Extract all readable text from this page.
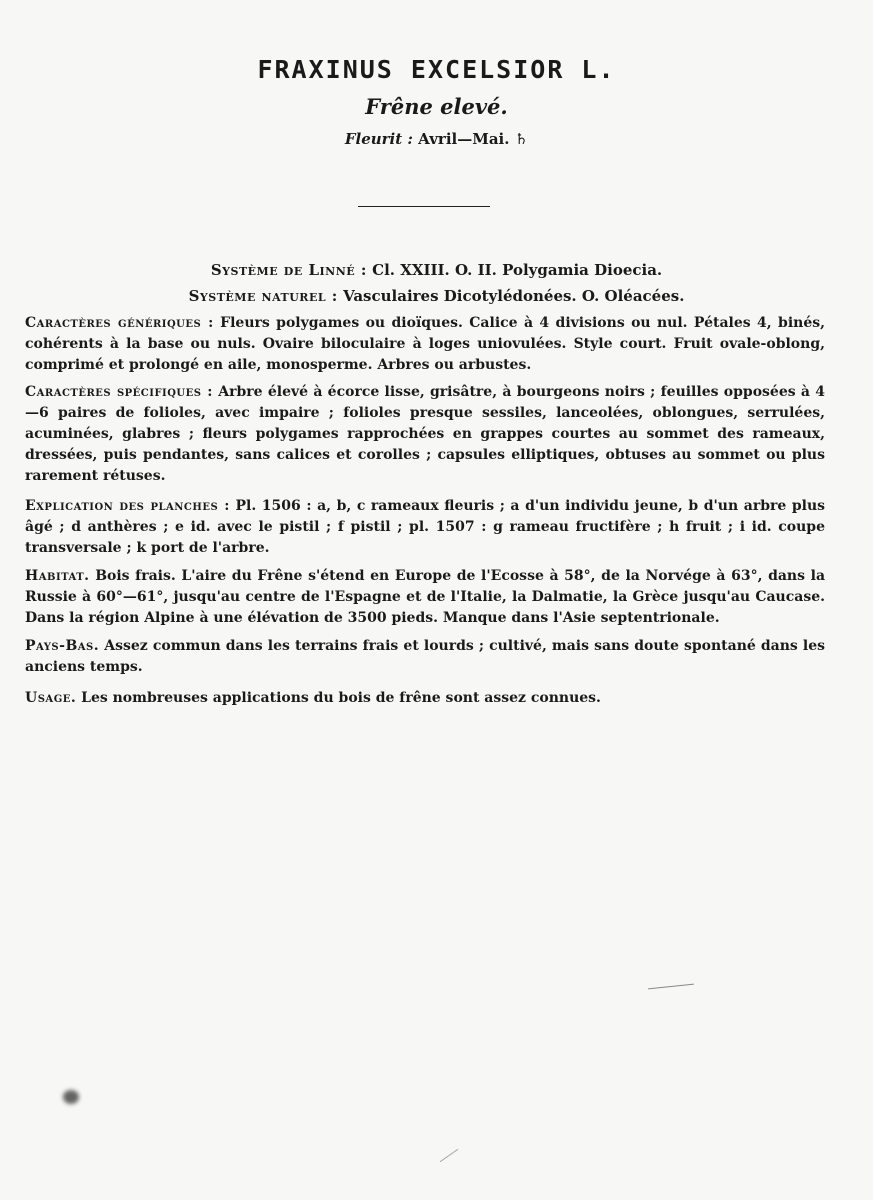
FRAXINUS EXCELSIOR L.
Frêne elevé.
Fleurit : Avril—Mai. ♄
Système de Linné : Cl. XXIII. O. II. Polygamia Dioecia.
Système naturel : Vasculaires Dicotylédonées. O. Oléacées.
Caractères génériques : Fleurs polygames ou dioïques. Calice à 4 divisions ou nul. Pétales 4, binés, cohérents à la base ou nuls. Ovaire biloculaire à loges uniovulées. Style court. Fruit ovale-oblong, comprimé et prolongé en aile, monosperme. Arbres ou arbustes.
Caractères spécifiques : Arbre élevé à écorce lisse, grisâtre, à bourgeons noirs ; feuilles opposées à 4—6 paires de folioles, avec impaire ; folioles presque sessiles, lanceolées, oblongues, serrulées, acuminées, glabres ; fleurs polygames rapprochées en grappes courtes au sommet des rameaux, dressées, puis pendantes, sans calices et corolles ; capsules elliptiques, obtuses au sommet ou plus rarement rétuses.
Explication des planches : Pl. 1506 : a, b, c rameaux fleuris ; a d'un individu jeune, b d'un arbre plus âgé ; d anthères ; e id. avec le pistil ; f pistil ; pl. 1507 : g rameau fructifère ; h fruit ; i id. coupe transversale ; k port de l'arbre.
Habitat. Bois frais. L'aire du Frêne s'étend en Europe de l'Ecosse à 58°, de la Norvége à 63°, dans la Russie à 60°—61°, jusqu'au centre de l'Espagne et de l'Italie, la Dalmatie, la Grèce jusqu'au Caucase. Dans la région Alpine à une élévation de 3500 pieds. Manque dans l'Asie septentrionale.
Pays-Bas. Assez commun dans les terrains frais et lourds ; cultivé, mais sans doute spontané dans les anciens temps.
Usage. Les nombreuses applications du bois de frêne sont assez connues.
